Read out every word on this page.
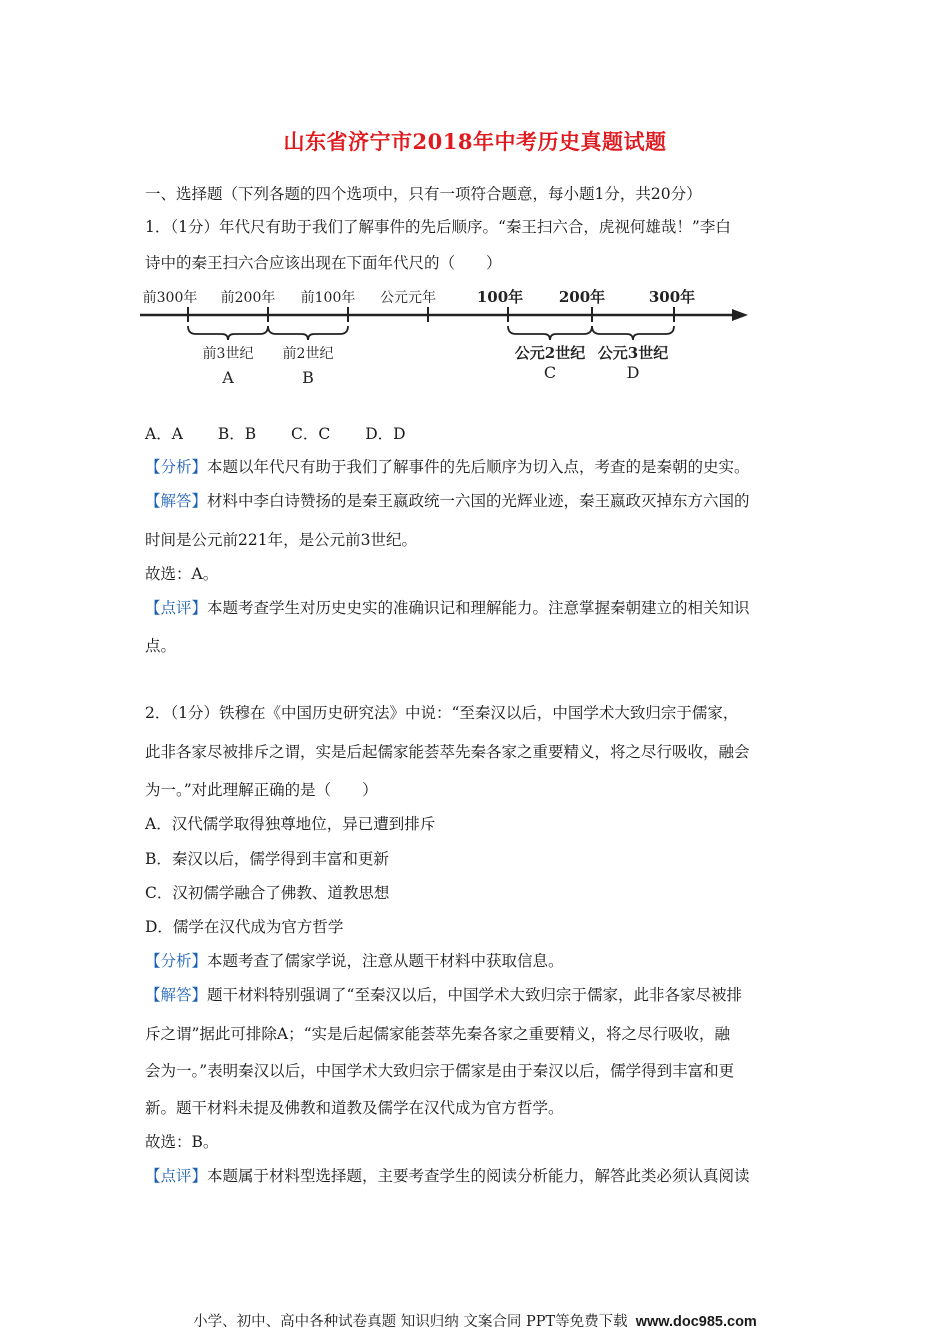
山东省济宁市2018年中考历史真题试题
一、选择题（下列各题的四个选项中，只有一项符合题意，每小题1分，共20分）
1．（1分）年代尺有助于我们了解事件的先后顺序。“秦王扫六合，虎视何雄哉！”李白
诗中的秦王扫六合应该出现在下面年代尺的（　　）
前300年 前200年 前100年 公元元年	100年 200年	300年
前3世纪 前2世纪	公元2世纪 公元3世纪
A	B	C	D
A．A B．B C．C D．D
【分析】本题以年代尺有助于我们了解事件的先后顺序为切入点，考查的是秦朝的史实。
【解答】材料中李白诗赞扬的是秦王嬴政统一六国的光辉业迹，秦王嬴政灭掉东方六国的
时间是公元前221年，是公元前3世纪。
故选：A。
【点评】本题考查学生对历史史实的准确识记和理解能力。注意掌握秦朝建立的相关知识
点。
2．（1分）铁穆在《中国历史研究法》中说：“至秦汉以后，中国学术大致归宗于儒家，
此非各家尽被排斥之谓，实是后起儒家能荟萃先秦各家之重要精义，将之尽行吸收，融会
为一。”对此理解正确的是（　　）
A．汉代儒学取得独尊地位，异已遭到排斥
B．秦汉以后，儒学得到丰富和更新
C．汉初儒学融合了佛教、道教思想
D．儒学在汉代成为官方哲学
【分析】本题考查了儒家学说，注意从题干材料中获取信息。
【解答】题干材料特别强调了“至秦汉以后，中国学术大致归宗于儒家，此非各家尽被排
斥之谓”据此可排除A；“实是后起儒家能荟萃先秦各家之重要精义，将之尽行吸收，融
会为一。”表明秦汉以后，中国学术大致归宗于儒家是由于秦汉以后，儒学得到丰富和更
新。题干材料未提及佛教和道教及儒学在汉代成为官方哲学。
故选：B。
【点评】本题属于材料型选择题，主要考查学生的阅读分析能力，解答此类必须认真阅读
小学、初中、高中各种试卷真题 知识归纳 文案合同 PPT等免费下载 www.doc985.com
